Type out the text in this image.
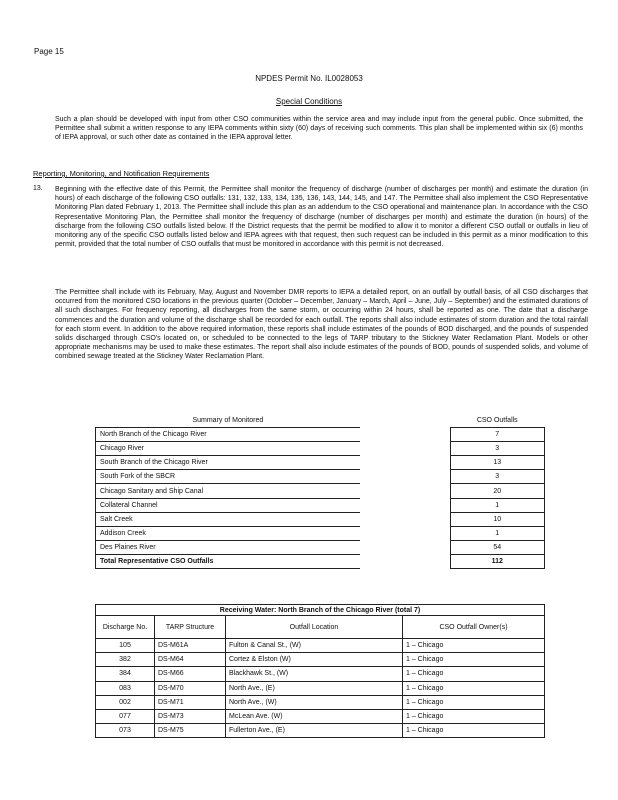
Page 15
NPDES Permit No. IL0028053
Special Conditions
Such a plan should be developed with input from other CSO communities within the service area and may include input from the general public. Once submitted, the Permittee shall submit a written response to any IEPA comments within sixty (60) days of receiving such comments. This plan shall be implemented within six (6) months of IEPA approval, or such other date as contained in the IEPA approval letter.
Reporting, Monitoring, and Notification Requirements
13. Beginning with the effective date of this Permit, the Permittee shall monitor the frequency of discharge (number of discharges per month) and estimate the duration (in hours) of each discharge of the following CSO outfalls: 131, 132, 133, 134, 135, 136, 143, 144, 145, and 147. The Permittee shall also implement the CSO Representative Monitoring Plan dated February 1, 2013. The Permittee shall include this plan as an addendum to the CSO operational and maintenance plan. In accordance with the CSO Representative Monitoring Plan, the Permittee shall monitor the frequency of discharge (number of discharges per month) and estimate the duration (in hours) of the discharge from the following CSO outfalls listed below. If the District requests that the permit be modified to allow it to monitor a different CSO outfall or outfalls in lieu of monitoring any of the specific CSO outfalls listed below and IEPA agrees with that request, then such request can be included in this permit as a minor modification to this permit, provided that the total number of CSO outfalls that must be monitored in accordance with this permit is not decreased.
The Permittee shall include with its February, May, August and November DMR reports to IEPA a detailed report, on an outfall by outfall basis, of all CSO discharges that occurred from the monitored CSO locations in the previous quarter (October – December, January – March, April – June, July – September) and the estimated durations of all such discharges. For frequency reporting, all discharges from the same storm, or occurring within 24 hours, shall be reported as one. The date that a discharge commences and the duration and volume of the discharge shall be recorded for each outfall. The reports shall also include estimates of storm duration and the total rainfall for each storm event. In addition to the above required information, these reports shall include estimates of the pounds of BOD discharged, and the pounds of suspended solids discharged through CSO's located on, or scheduled to be connected to the legs of TARP tributary to the Stickney Water Reclamation Plant. Models or other appropriate mechanisms may be used to make these estimates. The report shall also include estimates of the pounds of BOD, pounds of suspended solids, and volume of combined sewage treated at the Stickney Water Reclamation Plant.
Summary of Monitored		CSO Outfalls
North Branch of the Chicago River		7
Chicago River		3
South Branch of the Chicago River		13
South Fork of the SBCR		3
Chicago Sanitary and Ship Canal		20
Collateral Channel		1
Salt Creek		10
Addison Creek		1
Des Plaines River		54
Total Representative CSO Outfalls		112
Receiving Water: North Branch of the Chicago River (total 7)			
Discharge No.	TARP Structure	Outfall Location	CSO Outfall Owner(s)
105	DS-M61A	Fulton & Canal St., (W)	1 – Chicago
382	DS-M64	Cortez & Elston (W)	1 – Chicago
384	DS-M66	Blackhawk St., (W)	1 – Chicago
083	DS-M70	North Ave., (E)	1 – Chicago
002	DS-M71	North Ave., (W)	1 – Chicago
077	DS-M73	McLean Ave. (W)	1 – Chicago
073	DS-M75	Fullerton Ave., (E)	1 – Chicago
